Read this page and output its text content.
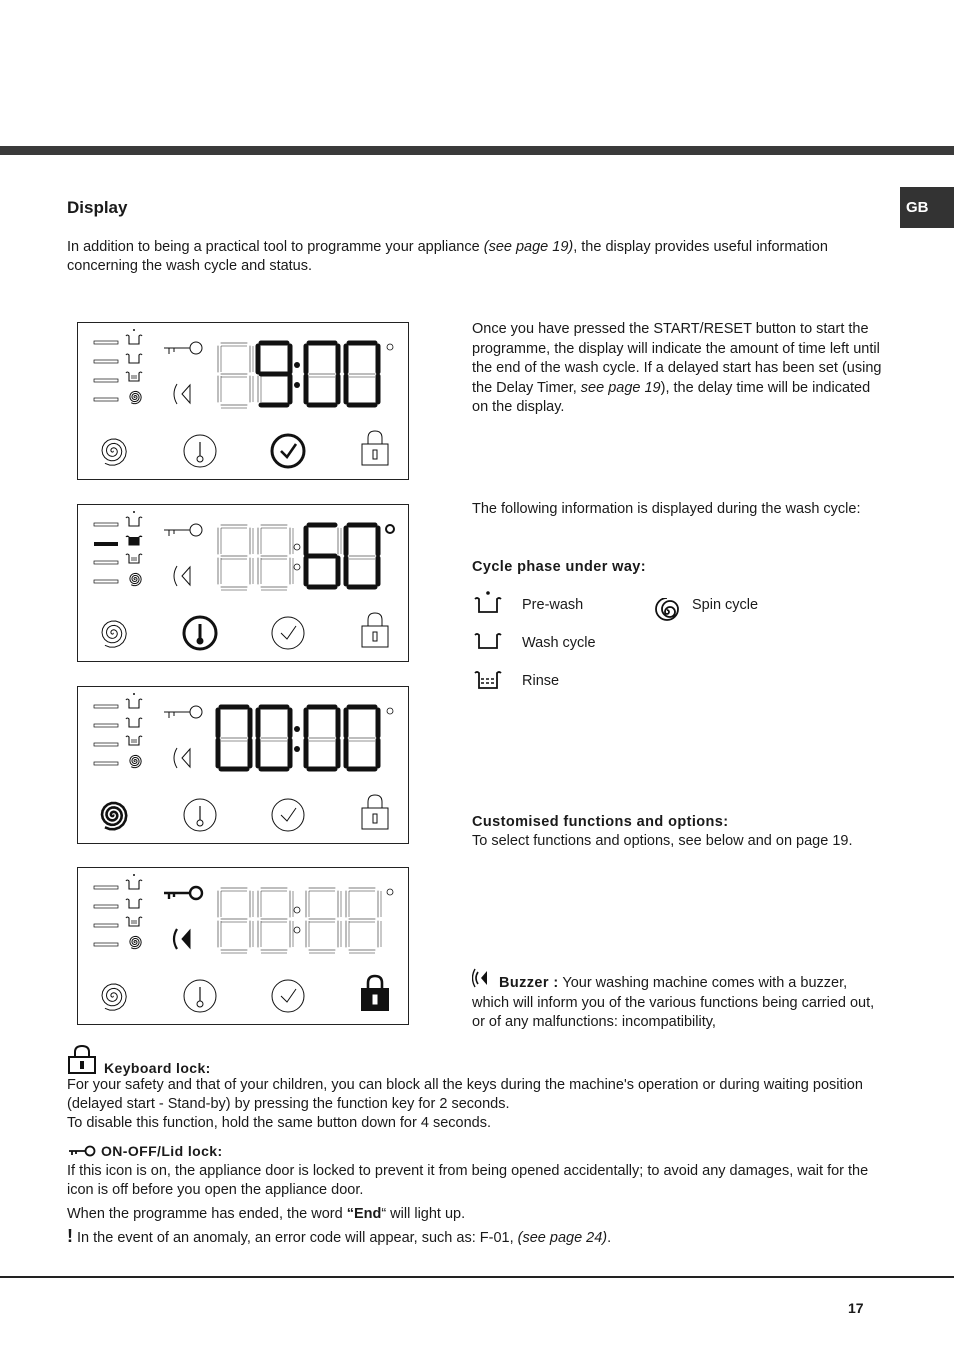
GB
Display
In addition to being a practical tool to programme your appliance (see page 19), the display provides useful information concerning the wash cycle and status.
Once you have pressed the START/RESET button to start the programme, the display will indicate the amount of time left until the end of the wash cycle. If a delayed start has been set (using the Delay Timer, see page 19), the delay time will be indicated on the display.
The following information is displayed during the wash cycle:
Cycle phase under way:
Pre-wash
Wash cycle
Rinse
Spin cycle
Customised functions and options:
To select functions and options, see below and on page 19.
Buzzer : Your washing machine comes with a buzzer, which will inform you of the various functions being carried out, or of any malfunctions: incompatibility,
Keyboard lock:
For your safety and that of your children, you can block all the keys during the machine's operation or during waiting position (delayed start - Stand-by) by pressing the function key for 2 seconds.
To disable this function, hold the same button down for 4 seconds.
ON-OFF/Lid lock:
If this icon is on, the appliance door is locked to prevent it from being opened accidentally; to avoid any damages, wait for the icon is off before you open the appliance door.
When the programme has ended, the word “End“ will light up.
! In the event of an anomaly, an error code will appear, such as: F-01, (see page 24).
17
